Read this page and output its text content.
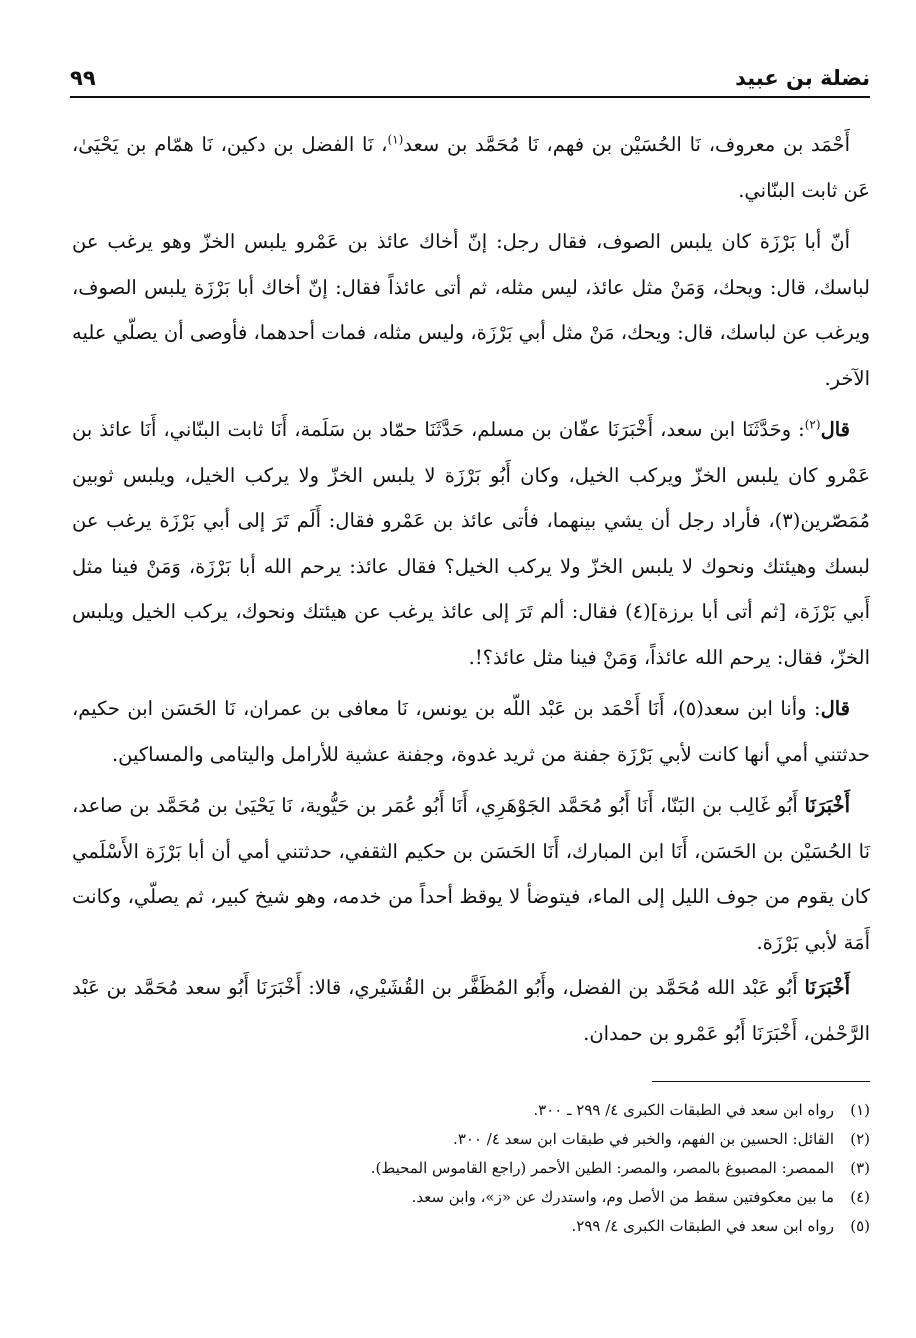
نضلة بن عبيد
٩٩

أَحْمَد بن معروف، نَا الحُسَيْن بن فهم، نَا مُحَمَّد بن سعد$^{(١)}$، نَا الفضل بن دكين، نَا همّام بن يَحْيَىٰ، عَن ثابت البنّاني.

أنّ أبا بَرْزَة كان يلبس الصوف، فقال رجل: إنّ أخاك عائذ بن عَمْرو يلبس الخزّ وهو يرغب عن لباسك، قال: ويحك، وَمَنْ مثل عائذ، ليس مثله، ثم أتى عائذاً فقال: إنّ أخاك أبا بَرْزَة يلبس الصوف، ويرغب عن لباسك، قال: ويحك، مَنْ مثل أبي بَرْزَة، وليس مثله، فمات أحدهما، فأوصى أن يصلّي عليه الآخر.

قال$^{(٢)}$: وحَدَّثَنَا ابن سعد، أَخْبَرَنَا عفّان بن مسلم، حَدَّثَنَا حمّاد بن سَلَمة، أَنَا ثابت البنّاني، أَنَا عائذ بن عَمْرو كان يلبس الخزّ ويركب الخيل، وكان أَبُو بَرْزَة لا يلبس الخزّ ولا يركب الخيل، ويلبس ثوبين مُمَصّرين(٣)، فأراد رجل أن يشي بينهما، فأتى عائذ بن عَمْرو فقال: أَلَم تَرَ إلى أبي بَرْزَة يرغب عن لبسك وهيئتك ونحوك لا يلبس الخزّ ولا يركب الخيل؟ فقال عائذ: يرحم الله أبا بَرْزَة، وَمَنْ فينا مثل أَبي بَرْزَة، [ثم أتى أبا برزة](٤) فقال: ألم تَرَ إلى عائذ يرغب عن هيئتك ونحوك، يركب الخيل ويلبس الخزّ، فقال: يرحم الله عائذاً، وَمَنْ فينا مثل عائذ؟!.

قال: وأنا ابن سعد(٥)، أَنَا أَحْمَد بن عَبْد اللّه بن يونس، نَا معافى بن عمران، نَا الحَسَن ابن حكيم، حدثتني أمي أنها كانت لأبي بَرْزَة جفنة من ثريد غدوة، وجفنة عشية للأرامل واليتامى والمساكين.

أَخْبَرَنَا أَبُو غَالِب بن البَنّا، أَنَا أَبُو مُحَمَّد الجَوْهَرِي، أَنَا أَبُو عُمَر بن حَيُّوية، نَا يَحْيَىٰ بن مُحَمَّد بن صاعد، نَا الحُسَيْن بن الحَسَن، أَنَا ابن المبارك، أَنَا الحَسَن بن حكيم الثقفي، حدثتني أمي أن أبا بَرْزَة الأَسْلَمي كان يقوم من جوف الليل إلى الماء، فيتوضأ لا يوقظ أحداً من خدمه، وهو شيخ كبير، ثم يصلّي، وكانت أَمَة لأبي بَرْزَة.

أَخْبَرَنَا أَبُو عَبْد الله مُحَمَّد بن الفضل، وأَبُو المُظَفَّر بن القُشَيْري، قالا: أَخْبَرَنَا أَبُو سعد مُحَمَّد بن عَبْد الرَّحْمٰن، أَخْبَرَنَا أَبُو عَمْرو بن حمدان.

(١)
رواه ابن سعد في الطبقات الكبرى ٤/ ٢٩٩ ـ ٣٠٠.
(٢)
القائل: الحسين بن الفهم، والخبر في طبقات ابن سعد ٤/ ٣٠٠.
(٣)
الممصر: المصبوغ بالمصر، والمصر: الطين الأحمر (راجع القاموس المحيط).
(٤)
ما بين معكوفتين سقط من الأصل وم، واستدرك عن «ز»، وابن سعد.
(٥)
رواه ابن سعد في الطبقات الكبرى ٤/ ٢٩٩.
